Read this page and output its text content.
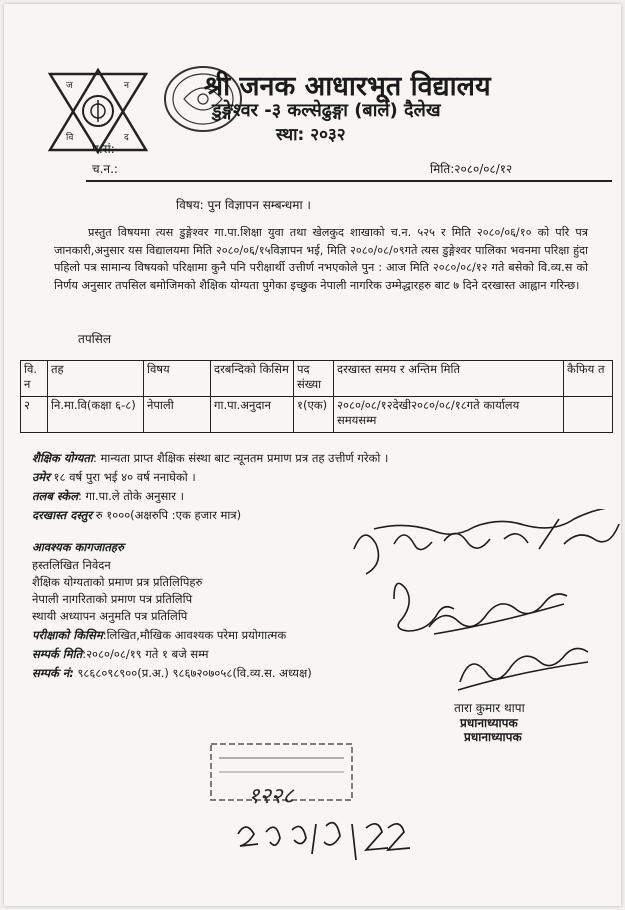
ज	न
वि	द
श्री जनक आधारभूत विद्यालय
डुङ्गेश्वर -३ कल्सेढुङ्गा (बाले) दैलेख
स्था: २०३२
प.सं:
च.न.:	मिति:२०८०/०८/१२
विषय: पुन विज्ञापन सम्बन्धमा ।
प्रस्तुत विषयमा त्यस डुङ्गेश्वर गा.पा.शिक्षा युवा तथा खेलकुद शाखाको च.न. ५२५ र मिति २०८०/०६/१० को परि पत्र जानकारी,अनुसार यस विद्यालयमा मिति २०८०/०६/१५विज्ञापन भई, मिति २०८०/०८/०९गते त्यस डुङ्गेश्वर पालिका भवनमा परिक्षा हुंदा पहिलो पत्र सामान्य विषयको परिक्षामा कुनै पनि परीक्षार्थी उत्तीर्ण नभएकोले पुन : आज मिति २०८०/०८/१२ गते बसेको वि.व्य.स को निर्णय अनुसार तपसिल बमोजिमको शैक्षिक योग्यता पुगेका इच्छुक नेपाली नागरिक उम्मेद्धारहरु बाट ७ दिने दरखास्त आह्वान गरिन्छ।
तपसिल
वि. न	तह	विषय	दरबन्दिको किसिम	पद संख्या	दरखास्त समय र अन्तिम मिति	कैफिय त
२	नि.मा.वि(कक्षा ६-८)	नेपाली	गा.पा.अनुदान	१(एक)	२०८०/०८/१२देखी२०८०/०८/१८गते कार्यालय समयसम्म	
शैक्षिक योग्यता: मान्यता प्राप्त शैक्षिक संस्था बाट न्यूनतम प्रमाण प्रत्र तह उत्तीर्ण गरेको ।
उमेर १८ वर्ष पुरा भई ४० वर्ष ननाघेको ।
तलब स्केल: गा.पा.ले तोके अनुसार ।
दरखास्त दस्तुर रु १०००(अक्षरुपि :एक हजार मात्र)
आवश्यक कागजातहरु
हस्तलिखित निवेदन
शैक्षिक योग्यताको प्रमाण प्रत्र प्रतिलिपिहरु
नेपाली नागरिताको प्रमाण पत्र प्रतिलिपि
स्थायी अध्यापन अनुमति पत्र प्रतिलिपि
परीक्षाको किसिम:लिखित,मौखिक आवश्यक परेमा प्रयोगात्मक
सम्पर्क मिति:२०८०/०८/१९ गते १ बजे सम्म
सम्पर्क नं: ९८६८०९८९००(प्र.अ.) ९८६७२०७०५८(वि.व्य.स. अध्यक्ष)
तारा कुमार थापा
प्रधानाध्यापक
प्रधानाध्यापक
१२२८
